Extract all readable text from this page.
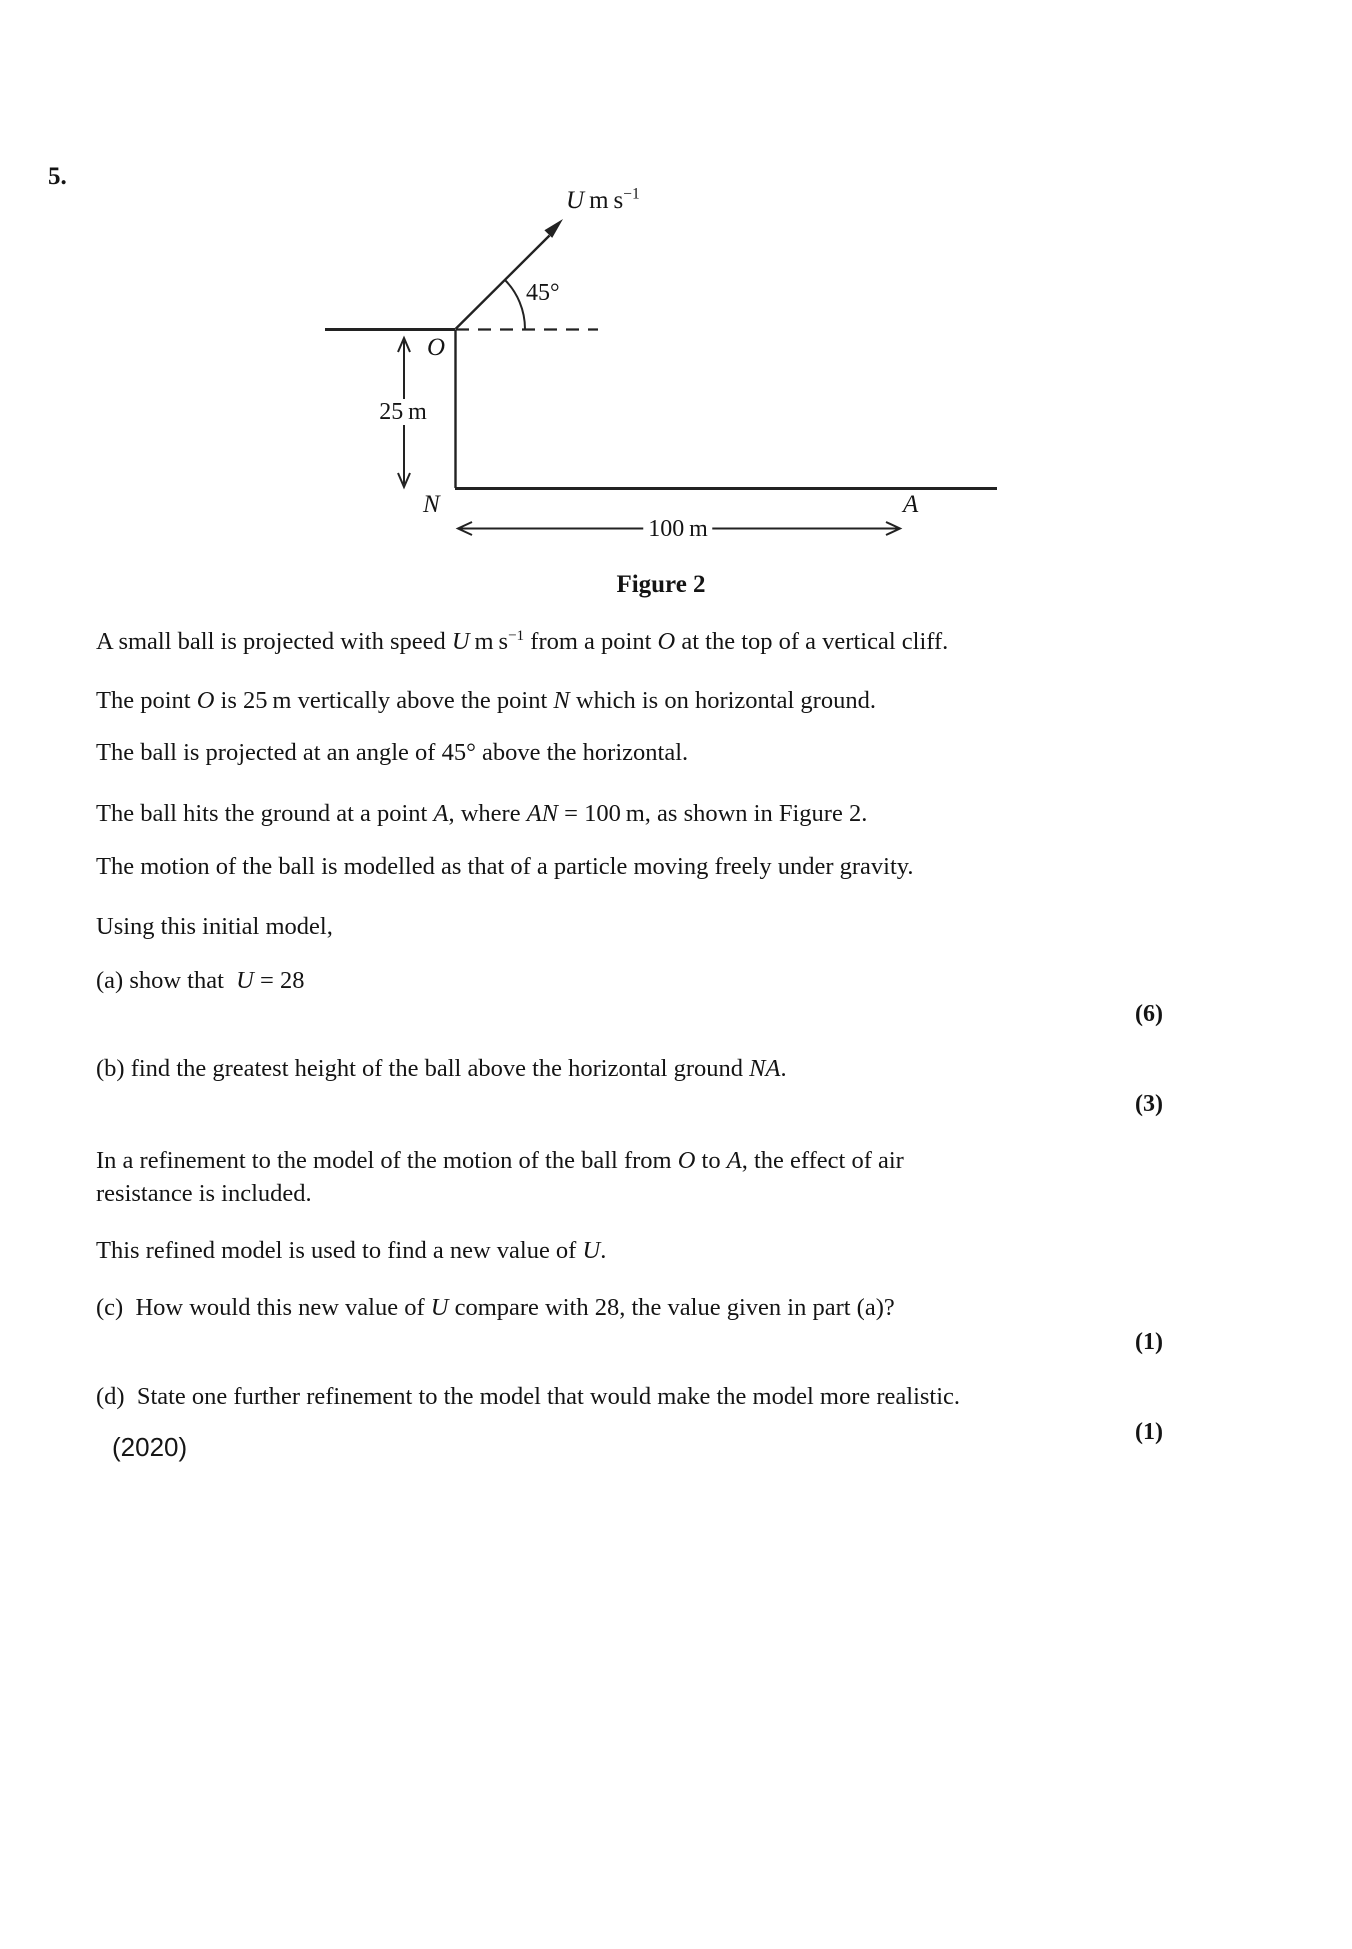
5.
U m $s^{-1}$
45°
O
N	A
25 m
100 m
Figure 2
A small ball is projected with speed U m $s^{-1}$ from a point O at the top of a vertical cliff.
The point O is 25 m vertically above the point N which is on horizontal ground.
The ball is projected at an angle of 45° above the horizontal.
The ball hits the ground at a point A, where AN = 100 m, as shown in Figure 2.
The motion of the ball is modelled as that of a particle moving freely under gravity.
Using this initial model,
(a) show that  U = 28
(6)
(b) find the greatest height of the ball above the horizontal ground NA.
(3)
In a refinement to the model of the motion of the ball from O to A, the effect of air
resistance is included.
This refined model is used to find a new value of U.
(c)  How would this new value of U compare with 28, the value given in part (a)?
(1)
(d)  State one further refinement to the model that would make the model more realistic.
(1)
(2020)
